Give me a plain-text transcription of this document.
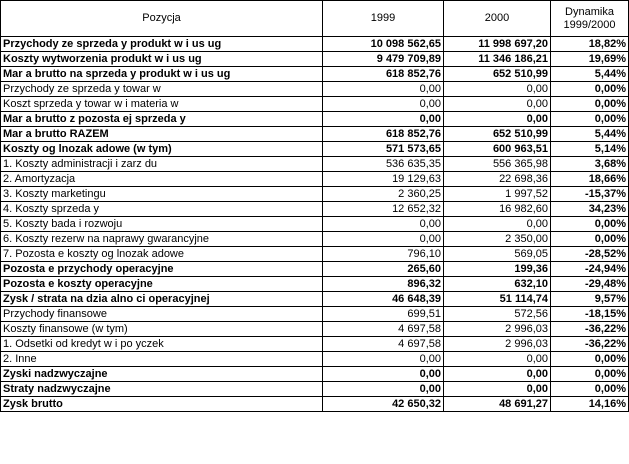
Pozycja	1999	2000	Dynamika 1999/2000
Przychody ze sprzeda y produkt w i us ug	10 098 562,65	11 998 697,20	18,82%
Koszty wytworzenia produkt w i us ug	9 479 709,89	11 346 186,21	19,69%
Mar a brutto na sprzeda y produkt w i us ug	618 852,76	652 510,99	5,44%
Przychody ze sprzeda y towar w	0,00	0,00	0,00%
Koszt sprzeda y towar w i materia w	0,00	0,00	0,00%
Mar a brutto z pozosta ej sprzeda y	0,00	0,00	0,00%
Mar a brutto RAZEM	618 852,76	652 510,99	5,44%
Koszty og lnozak adowe (w tym)	571 573,65	600 963,51	5,14%
1. Koszty administracji i zarz du	536 635,35	556 365,98	3,68%
2. Amortyzacja	19 129,63	22 698,36	18,66%
3. Koszty marketingu	2 360,25	1 997,52	-15,37%
4. Koszty sprzeda y	12 652,32	16 982,60	34,23%
5. Koszty bada i rozwoju	0,00	0,00	0,00%
6. Koszty rezerw na naprawy gwarancyjne	0,00	2 350,00	0,00%
7. Pozosta e koszty og lnozak adowe	796,10	569,05	-28,52%
Pozosta e przychody operacyjne	265,60	199,36	-24,94%
Pozosta e koszty operacyjne	896,32	632,10	-29,48%
Zysk / strata na dzia alno ci operacyjnej	46 648,39	51 114,74	9,57%
Przychody finansowe	699,51	572,56	-18,15%
Koszty finansowe (w tym)	4 697,58	2 996,03	-36,22%
1. Odsetki od kredyt w i po yczek	4 697,58	2 996,03	-36,22%
2. Inne	0,00	0,00	0,00%
Zyski nadzwyczajne	0,00	0,00	0,00%
Straty nadzwyczajne	0,00	0,00	0,00%
Zysk brutto	42 650,32	48 691,27	14,16%
